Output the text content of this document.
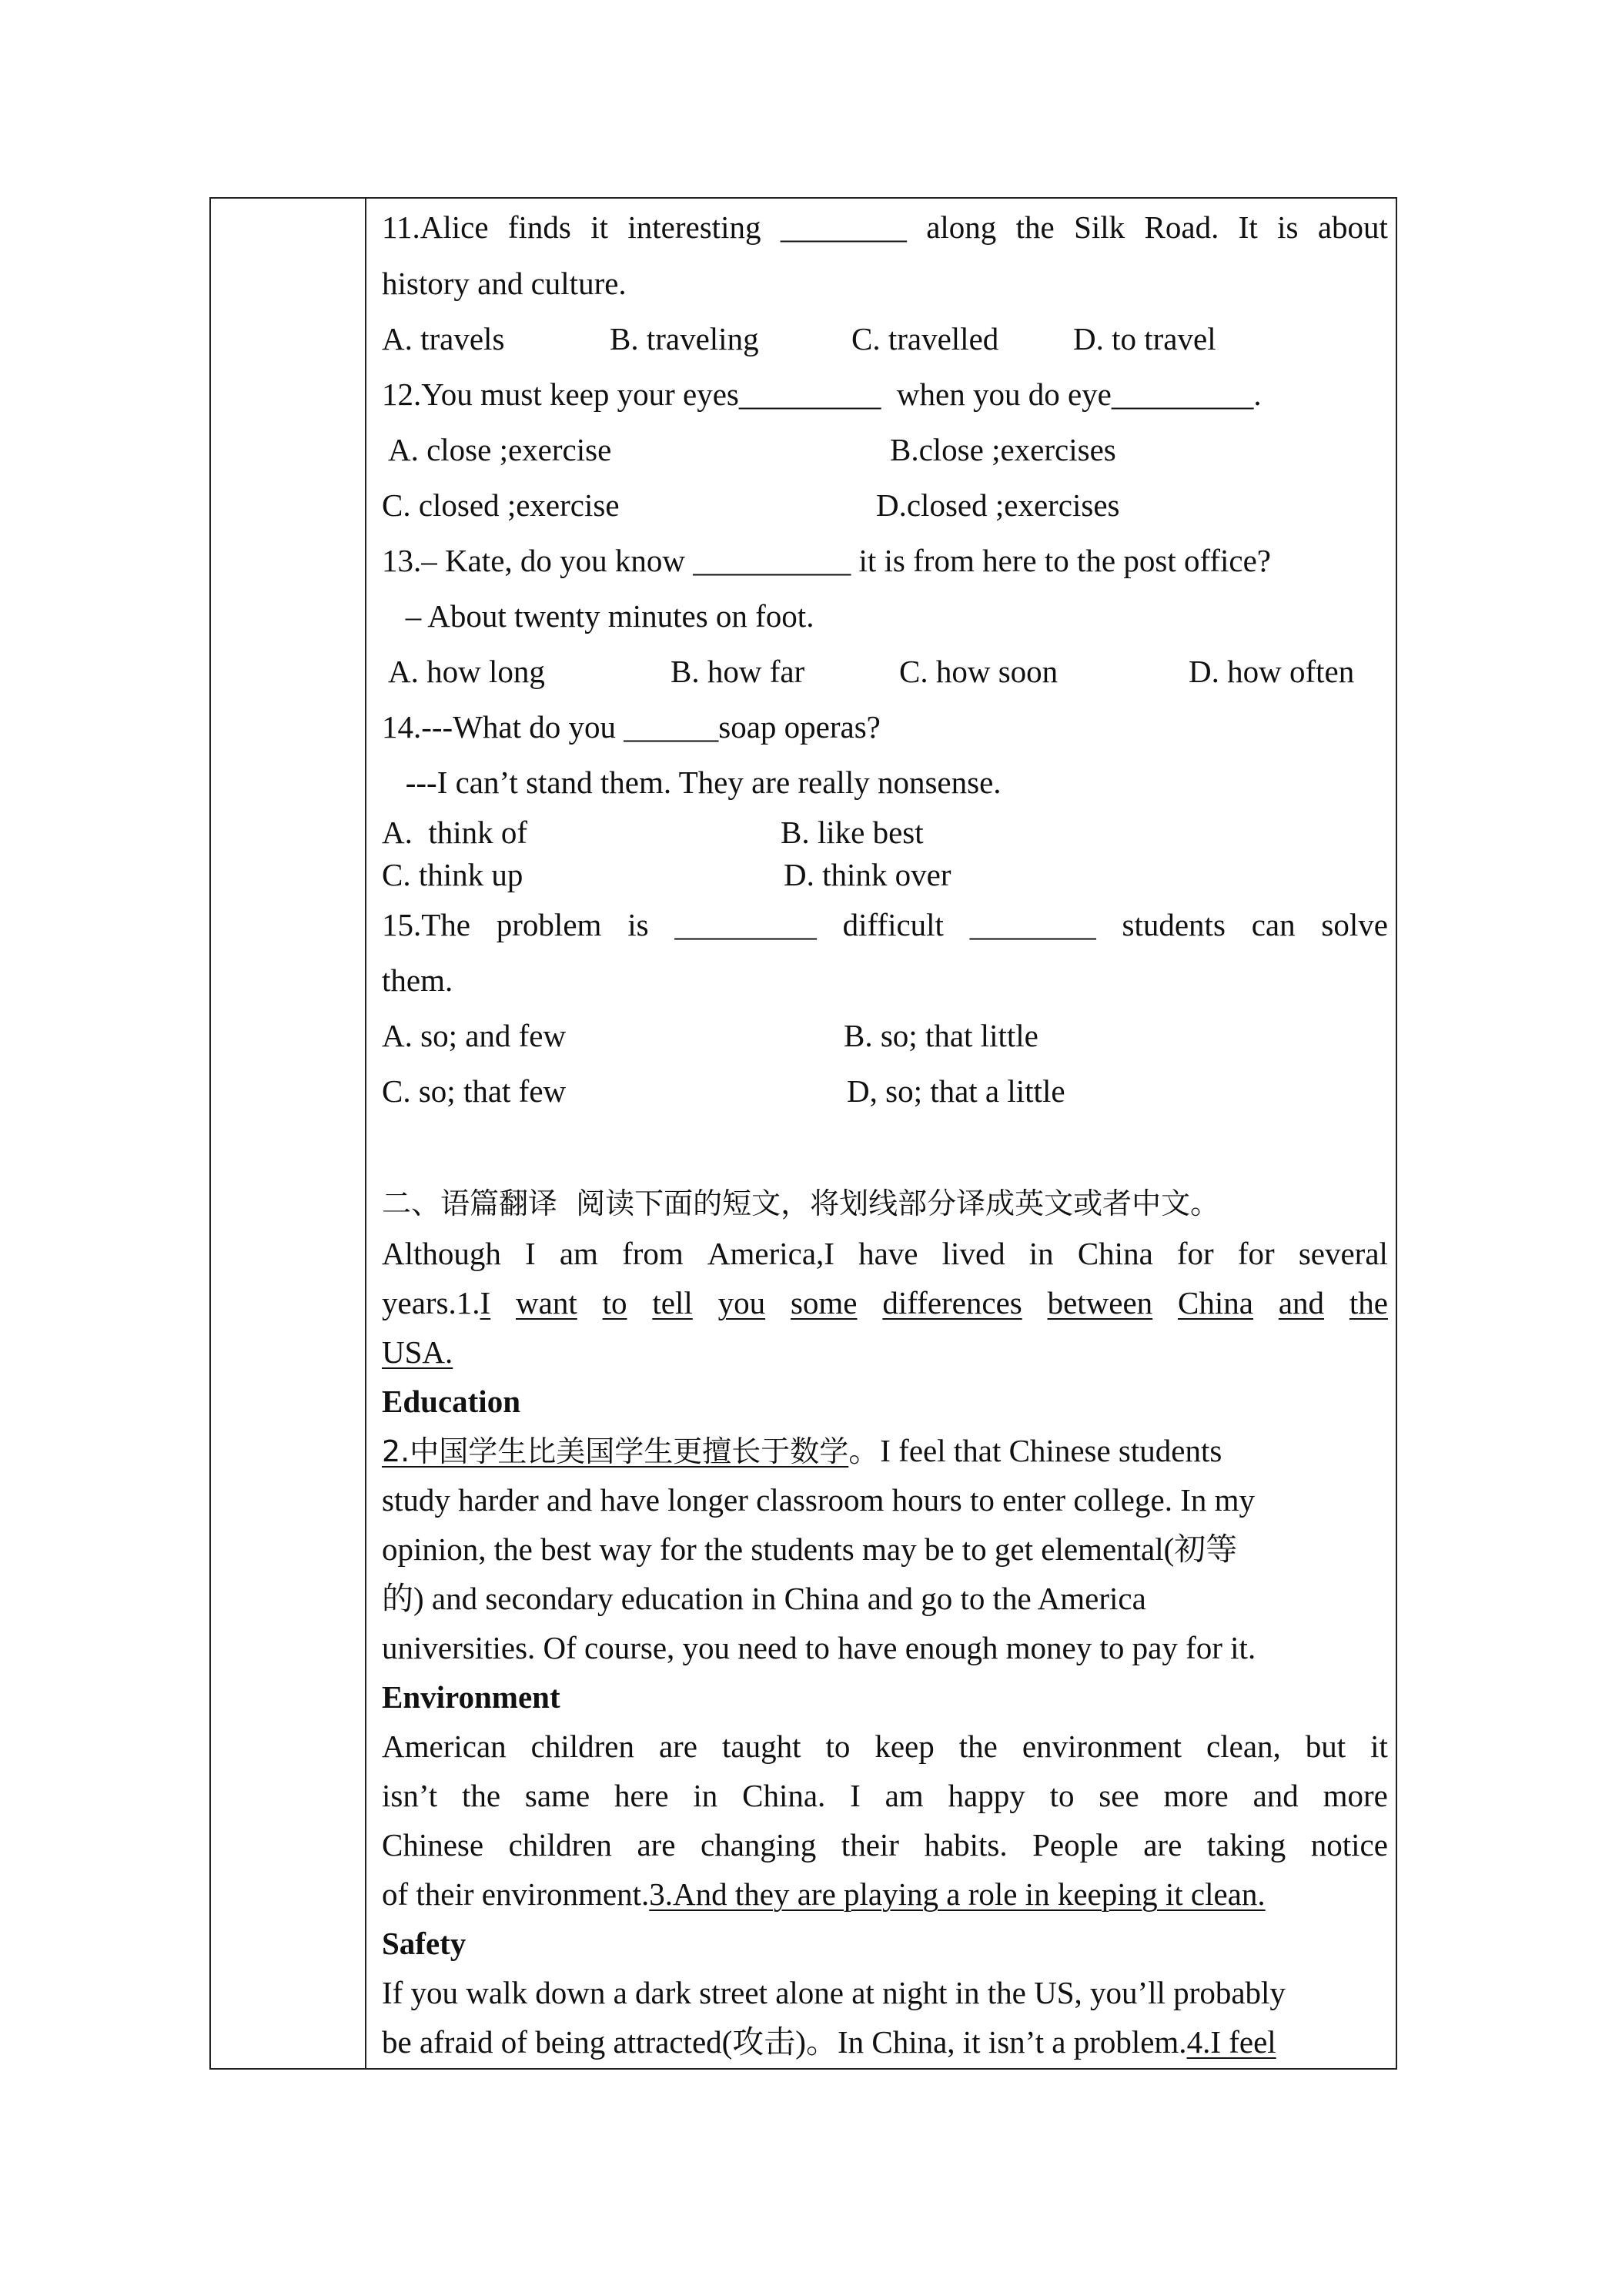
11.Alice finds it interesting ________ along the Silk Road. It is about
history and culture.
A. travels	B. traveling	C. travelled D. to travel
12.You must keep your eyes_________  when you do eye_________.
A. close ;exercise	B.close ;exercises
C. closed ;exercise	D.closed ;exercises
13.– Kate, do you know __________ it is from here to the post office?
– About twenty minutes on foot.
A. how long	B. how far	C. how soon	D. how often
14.---What do you ______soap operas?
---I can’t stand them. They are really nonsense.
A.  think of	B. like best
C. think up	D. think over
15.The problem is _________ difficult ________ students can solve
them.
A. so; and few	B. so; that little
C. so; that few	D, so; that a little
二、语篇翻译  阅读下面的短文，将划线部分译成英文或者中文。
Although I am from America,I have lived in China for for several
years.1. I want to tell you some differences between China and the
USA.
Education
2.中国学生比美国学生更擅长于数学。I feel that Chinese students
study harder and have longer classroom hours to enter college. In my
opinion, the best way for the students may be to get elemental(初等
的) and secondary education in China and go to the America
universities. Of course, you need to have enough money to pay for it.
Environment
American children are taught to keep the environment clean, but it
isn’t the same here in China. I am happy to see more and more
Chinese children are changing their habits. People are taking notice
of their environment.3.And they are playing a role in keeping it clean.
Safety
If you walk down a dark street alone at night in the US, you’ll probably
be afraid of being attracted(攻击)。In China, it isn’t a problem.4.I feel
